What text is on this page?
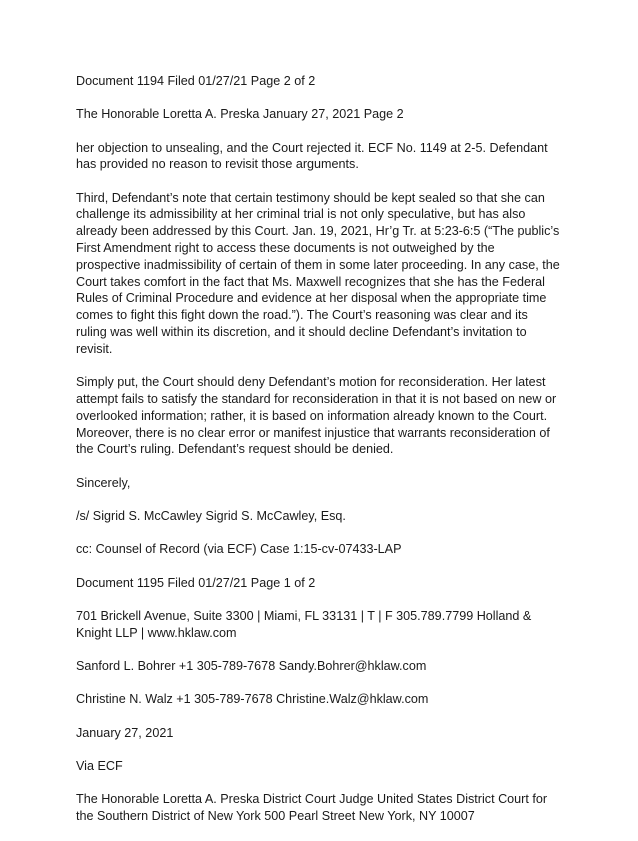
Document 1194 Filed 01/27/21 Page 2 of 2

The Honorable Loretta A. Preska January 27, 2021 Page 2

her objection to unsealing, and the Court rejected it. ECF No. 1149 at 2-5. Defendant has provided no reason to revisit those arguments.

Third, Defendant’s note that certain testimony should be kept sealed so that she can challenge its admissibility at her criminal trial is not only speculative, but has also already been addressed by this Court. Jan. 19, 2021, Hr’g Tr. at 5:23-6:5 (“The public’s First Amendment right to access these documents is not outweighed by the prospective inadmissibility of certain of them in some later proceeding. In any case, the Court takes comfort in the fact that Ms. Maxwell recognizes that she has the Federal Rules of Criminal Procedure and evidence at her disposal when the appropriate time comes to fight this fight down the road.”). The Court’s reasoning was clear and its ruling was well within its discretion, and it should decline Defendant’s invitation to revisit.

Simply put, the Court should deny Defendant’s motion for reconsideration. Her latest attempt fails to satisfy the standard for reconsideration in that it is not based on new or overlooked information; rather, it is based on information already known to the Court. Moreover, there is no clear error or manifest injustice that warrants reconsideration of the Court’s ruling. Defendant’s request should be denied.

Sincerely,

/s/ Sigrid S. McCawley Sigrid S. McCawley, Esq.

cc: Counsel of Record (via ECF) Case 1:15-cv-07433-LAP

Document 1195 Filed 01/27/21 Page 1 of 2

701 Brickell Avenue, Suite 3300 | Miami, FL 33131 | T | F 305.789.7799 Holland & Knight LLP | www.hklaw.com

Sanford L. Bohrer +1 305-789-7678 Sandy.Bohrer@hklaw.com

Christine N. Walz +1 305-789-7678 Christine.Walz@hklaw.com

January 27, 2021

Via ECF

The Honorable Loretta A. Preska District Court Judge United States District Court for the Southern District of New York 500 Pearl Street New York, NY 10007
